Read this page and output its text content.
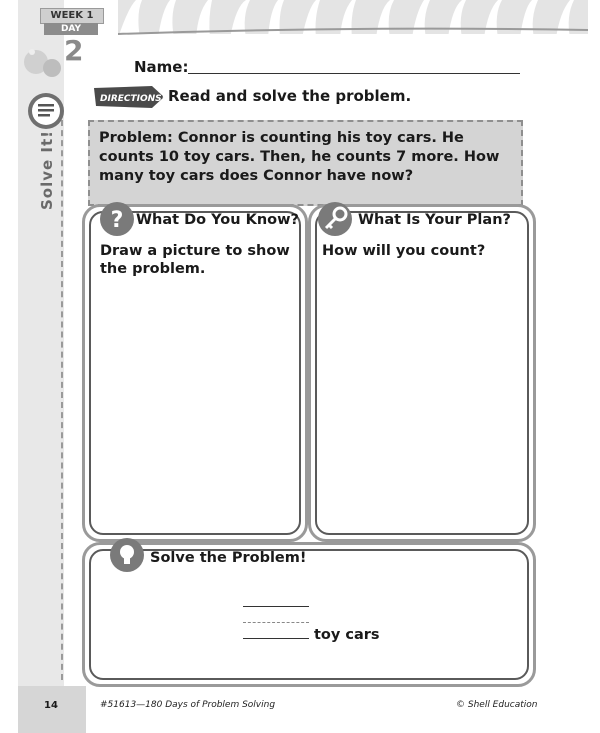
WEEK 1
DAY
2
Solve It!
Name:
DIRECTIONS: Read and solve the problem.
Problem: Connor is counting his toy cars. He
counts 10 toy cars. Then, he counts 7 more. How
many toy cars does Connor have now?
? What Do You Know?
Draw a picture to show
the problem.
What Is Your Plan?
How will you count?
Solve the Problem!
toy cars
14	#51613—180 Days of Problem Solving	© Shell Education
